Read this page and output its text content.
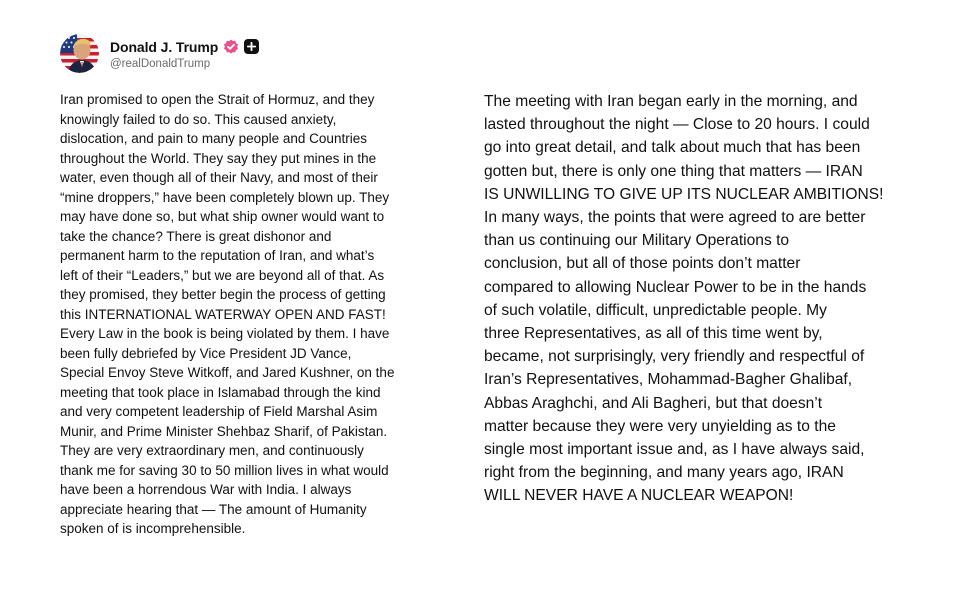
Donald J. Trump
@realDonaldTrump

Iran promised to open the Strait of Hormuz, and they
knowingly failed to do so. This caused anxiety,
dislocation, and pain to many people and Countries
throughout the World. They say they put mines in the
water, even though all of their Navy, and most of their
“mine droppers,” have been completely blown up. They
may have done so, but what ship owner would want to
take the chance? There is great dishonor and
permanent harm to the reputation of Iran, and what’s
left of their “Leaders,” but we are beyond all of that. As
they promised, they better begin the process of getting
this INTERNATIONAL WATERWAY OPEN AND FAST!
Every Law in the book is being violated by them. I have
been fully debriefed by Vice President JD Vance,
Special Envoy Steve Witkoff, and Jared Kushner, on the
meeting that took place in Islamabad through the kind
and very competent leadership of Field Marshal Asim
Munir, and Prime Minister Shehbaz Sharif, of Pakistan.
They are very extraordinary men, and continuously
thank me for saving 30 to 50 million lives in what would
have been a horrendous War with India. I always
appreciate hearing that — The amount of Humanity
spoken of is incomprehensible.

The meeting with Iran began early in the morning, and
lasted throughout the night — Close to 20 hours. I could
go into great detail, and talk about much that has been
gotten but, there is only one thing that matters — IRAN
IS UNWILLING TO GIVE UP ITS NUCLEAR AMBITIONS!
In many ways, the points that were agreed to are better
than us continuing our Military Operations to
conclusion, but all of those points don’t matter
compared to allowing Nuclear Power to be in the hands
of such volatile, difficult, unpredictable people. My
three Representatives, as all of this time went by,
became, not surprisingly, very friendly and respectful of
Iran’s Representatives, Mohammad-Bagher Ghalibaf,
Abbas Araghchi, and Ali Bagheri, but that doesn’t
matter because they were very unyielding as to the
single most important issue and, as I have always said,
right from the beginning, and many years ago, IRAN
WILL NEVER HAVE A NUCLEAR WEAPON!
